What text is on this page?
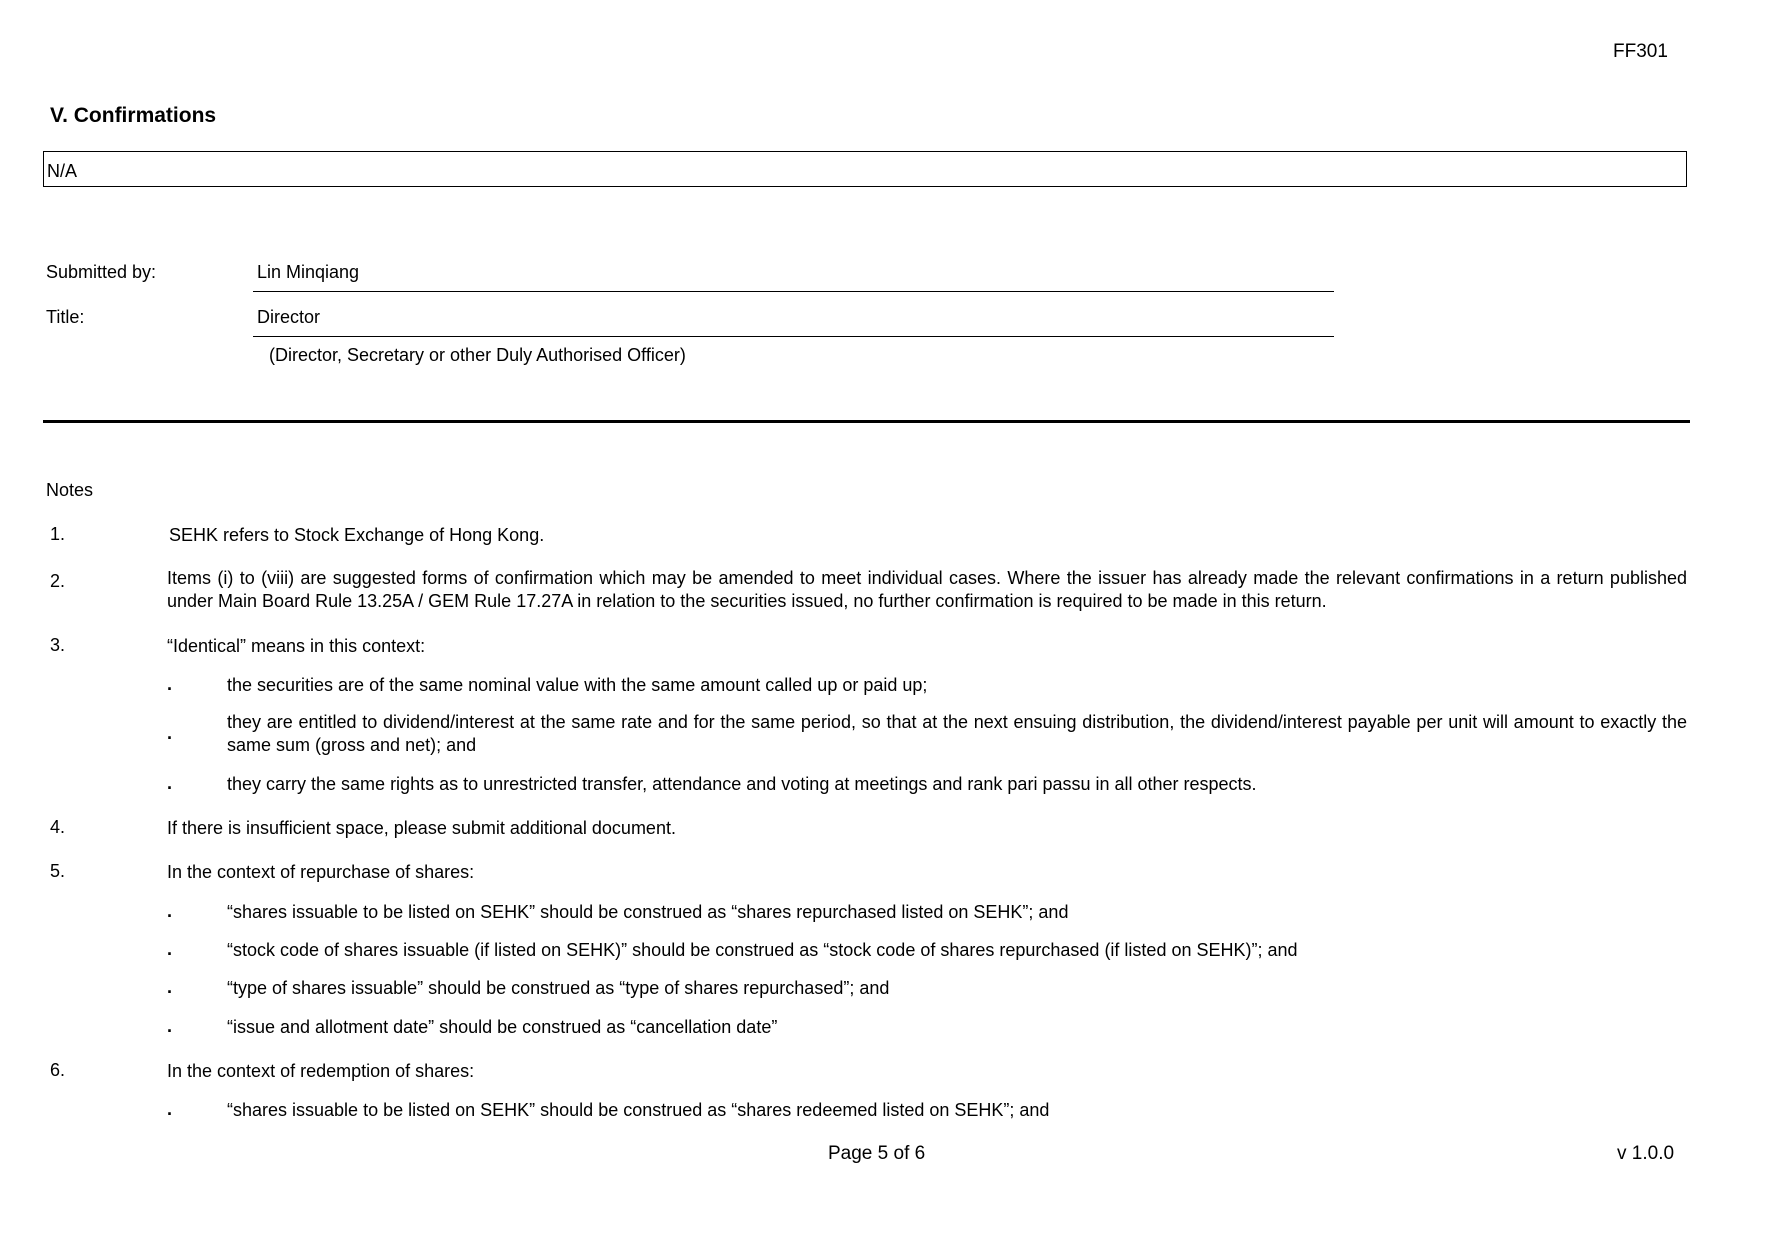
FF301
V. Confirmations
N/A
Submitted by:	Lin Minqiang
Title:	Director
(Director, Secretary or other Duly Authorised Officer)
Notes
1.	SEHK refers to Stock Exchange of Hong Kong.
2.	Items (i) to (viii) are suggested forms of confirmation which may be amended to meet individual cases. Where the issuer has already made the relevant confirmations in a return published under Main Board Rule 13.25A / GEM Rule 17.27A in relation to the securities issued, no further confirmation is required to be made in this return.
3.	“Identical” means in this context:
.	the securities are of the same nominal value with the same amount called up or paid up;
.
they are entitled to dividend/interest at the same rate and for the same period, so that at the next ensuing distribution, the dividend/interest payable per unit will amount to exactly the same sum (gross and net); and
.	they carry the same rights as to unrestricted transfer, attendance and voting at meetings and rank pari passu in all other respects.
4.	If there is insufficient space, please submit additional document.
5.	In the context of repurchase of shares:
.	“shares issuable to be listed on SEHK” should be construed as “shares repurchased listed on SEHK”; and
.	“stock code of shares issuable (if listed on SEHK)” should be construed as “stock code of shares repurchased (if listed on SEHK)”; and
.	“type of shares issuable” should be construed as “type of shares repurchased”; and
.	“issue and allotment date” should be construed as “cancellation date”
6.	In the context of redemption of shares:
.	“shares issuable to be listed on SEHK” should be construed as “shares redeemed listed on SEHK”; and
Page 5 of 6	v 1.0.0
